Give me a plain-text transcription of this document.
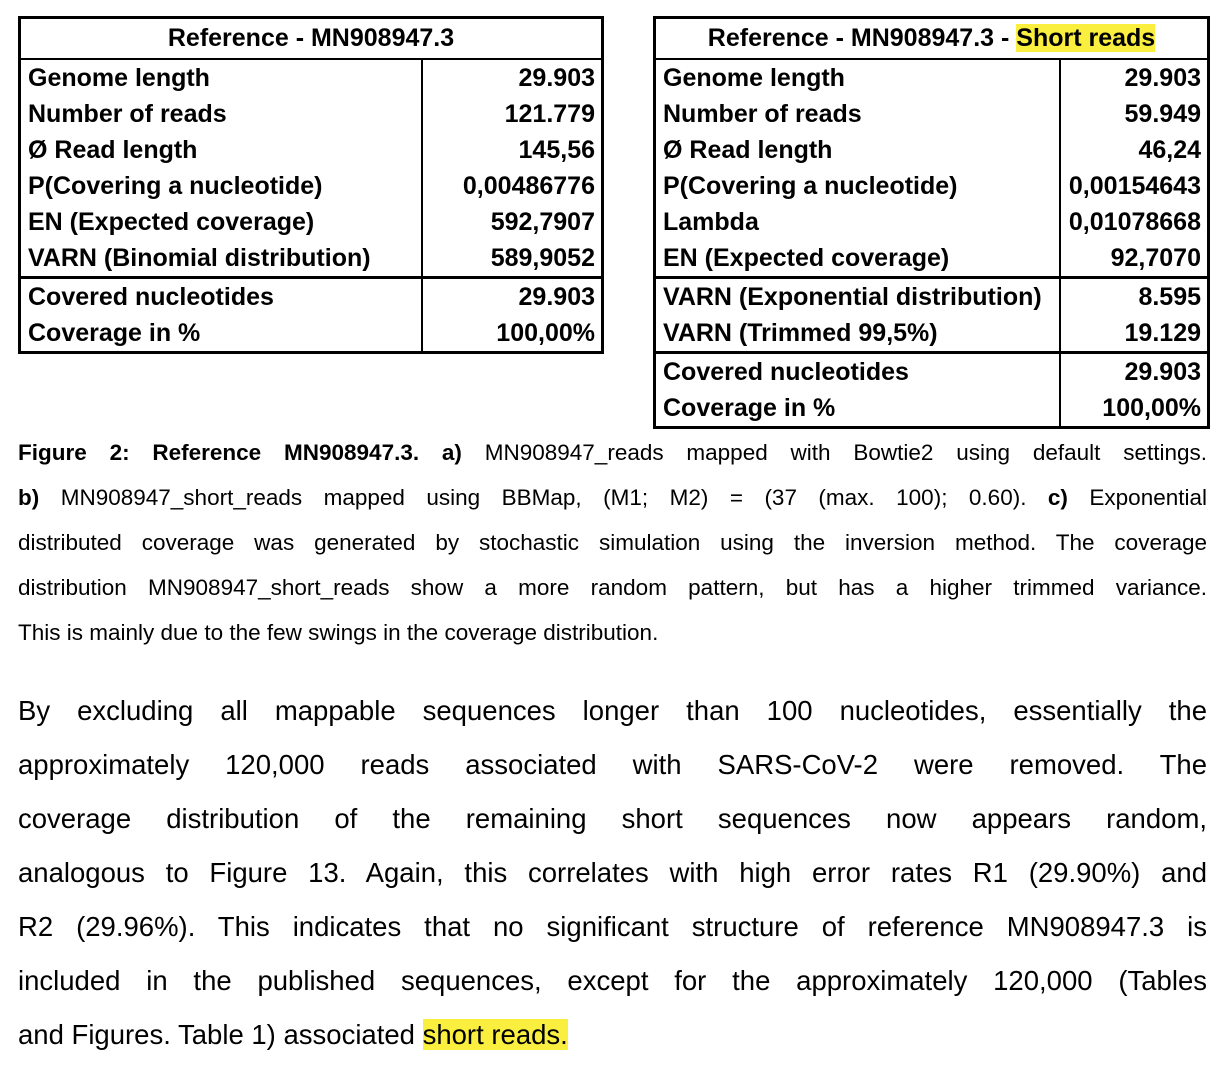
Reference - MN908947.3
Genome length	29.903
Number of reads	121.779
Ø Read length	145,56
P(Covering a nucleotide)	0,00486776
EN (Expected coverage)	592,7907
VARN (Binomial distribution)	589,9052
Covered nucleotides	29.903
Coverage in %	100,00%
Reference - MN908947.3 - Short reads
Genome length	29.903
Number of reads	59.949
Ø Read length	46,24
P(Covering a nucleotide)	0,00154643
Lambda	0,01078668
EN (Expected coverage)	92,7070
VARN (Exponential distribution)	8.595
VARN (Trimmed 99,5%)	19.129
Covered nucleotides	29.903
Coverage in %	100,00%
Figure 2: Reference MN908947.3. a) MN908947_reads mapped with Bowtie2 using default settings.
b) MN908947_short_reads mapped using BBMap, (M1; M2) = (37 (max. 100); 0.60). c) Exponential
distributed coverage was generated by stochastic simulation using the inversion method. The coverage
distribution MN908947_short_reads show a more random pattern, but has a higher trimmed variance.
This is mainly due to the few swings in the coverage distribution.
By excluding all mappable sequences longer than 100 nucleotides, essentially the
approximately 120,000 reads associated with SARS-CoV-2 were removed. The
coverage distribution of the remaining short sequences now appears random,
analogous to Figure 13. Again, this correlates with high error rates R1 (29.90%) and
R2 (29.96%). This indicates that no significant structure of reference MN908947.3 is
included in the published sequences, except for the approximately 120,000 (Tables
and Figures. Table 1) associated short reads.
